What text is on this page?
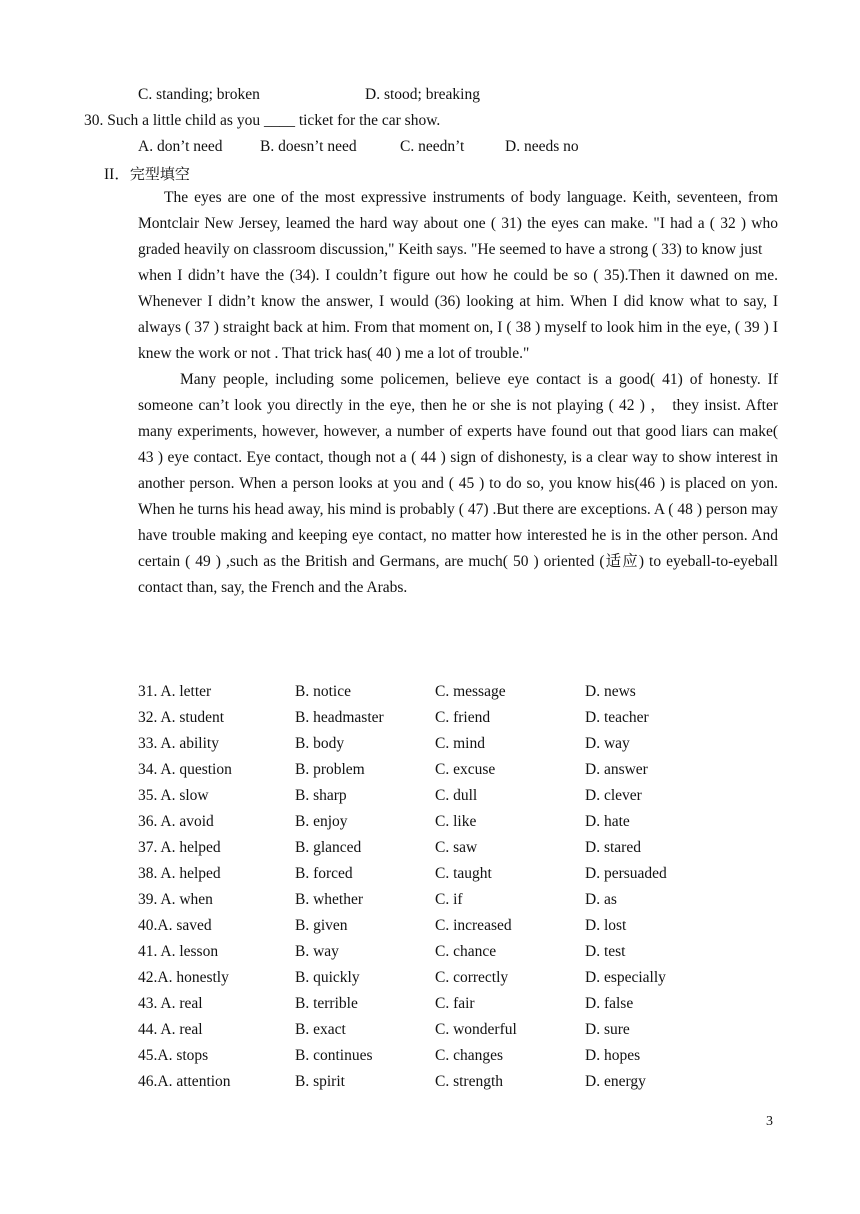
C. standing; broken	D. stood; breaking
30. Such a little child as you ____ ticket for the car show.
A. don’t need B. doesn’t need	C. needn’t	D. needs no
II．完型填空

The eyes are one of the most expressive instruments of body language. Keith, seventeen, from Montclair New Jersey, leamed the hard way about one ( 31) the eyes can make. "I had a ( 32 ) who graded heavily on classroom discussion," Keith says. "He seemed to have a strong ( 33) to know just

when I didn’t have the (34). I couldn’t figure out how he could be so ( 35).Then it dawned on me. Whenever I didn’t know the answer, I would (36) looking at him. When I did know what to say, I always ( 37 ) straight back at him. From that moment on, I ( 38 ) myself to look him in the eye, ( 39 ) I knew the work or not . That trick has( 40 ) me a lot of trouble."

Many people, including some policemen, believe eye contact is a good( 41) of honesty. If someone can’t look you directly in the eye, then he or she is not playing ( 42 ) ， they insist. After many experiments, however, however, a number of experts have found out that good liars can make( 43 ) eye contact. Eye contact, though not a ( 44 ) sign of dishonesty, is a clear way to show interest in another person. When a person looks at you and ( 45 ) to do so, you know his(46 ) is placed on yon. When he turns his head away, his mind is probably ( 47) .But there are exceptions. A ( 48 ) person may have trouble making and keeping eye contact, no matter how interested he is in the other person. And certain ( 49 ) ,such as the British and Germans, are much( 50 ) oriented (适应) to eyeball-to-eyeball contact than, say, the French and the Arabs.

31. A. letter	B. notice	C. message	D. news
32. A. student	B. headmaster	C. friend	D. teacher
33. A. ability	B. body	C. mind	D. way
34. A. question	B. problem	C. excuse	D. answer
35. A. slow	B. sharp	C. dull	D. clever
36. A. avoid	B. enjoy	C. like	D. hate
37. A. helped	B. glanced	C. saw	D. stared
38. A. helped	B. forced	C. taught	D. persuaded
39. A. when	B. whether	C. if	D. as
40.A. saved	B. given	C. increased	D. lost
41. A. lesson	B. way	C. chance	D. test
42.A. honestly	B. quickly	C. correctly	D. especially
43. A. real	B. terrible	C. fair	D. false
44. A. real	B. exact	C. wonderful	D. sure
45.A. stops	B. continues	C. changes	D. hopes
46.A. attention	B. spirit	C. strength	D. energy
3
